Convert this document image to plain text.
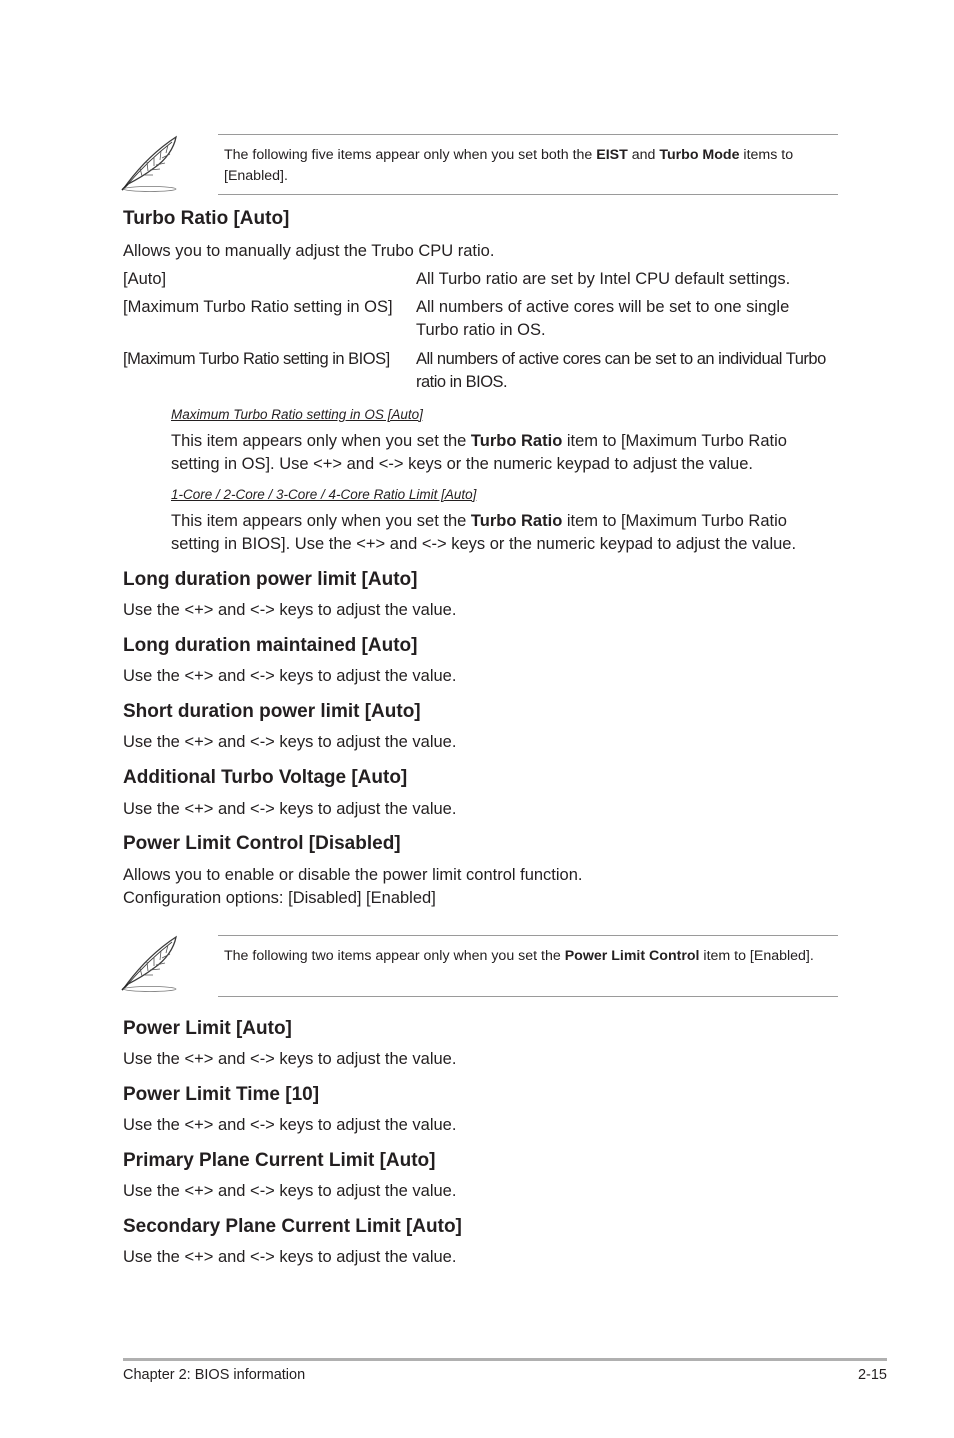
The following five items appear only when you set both the EIST and Turbo Mode items to [Enabled].
Turbo Ratio [Auto]
Allows you to manually adjust the Trubo CPU ratio.
[Auto]	All Turbo ratio are set by Intel CPU default settings.
[Maximum Turbo Ratio setting in OS] All numbers of active cores will be set to one single Turbo ratio in OS.
[Maximum Turbo Ratio setting in BIOS] All numbers of active cores can be set to an individual Turbo ratio in BIOS.
Maximum Turbo Ratio setting in OS [Auto]
This item appears only when you set the Turbo Ratio item to [Maximum Turbo Ratio setting in OS]. Use <+> and <-> keys or the numeric keypad to adjust the value.
1-Core / 2-Core / 3-Core / 4-Core Ratio Limit [Auto]
This item appears only when you set the Turbo Ratio item to [Maximum Turbo Ratio setting in BIOS]. Use the <+> and <-> keys or the numeric keypad to adjust the value.
Long duration power limit [Auto]
Use the <+> and <-> keys to adjust the value.
Long duration maintained [Auto]
Use the <+> and <-> keys to adjust the value.
Short duration power limit [Auto]
Use the <+> and <-> keys to adjust the value.
Additional Turbo Voltage [Auto]
Use the <+> and <-> keys to adjust the value.
Power Limit Control [Disabled]
Allows you to enable or disable the power limit control function.
Configuration options: [Disabled] [Enabled]
The following two items appear only when you set the Power Limit Control item to [Enabled].
Power Limit [Auto]
Use the <+> and <-> keys to adjust the value.
Power Limit Time [10]
Use the <+> and <-> keys to adjust the value.
Primary Plane Current Limit [Auto]
Use the <+> and <-> keys to adjust the value.
Secondary Plane Current Limit [Auto]
Use the <+> and <-> keys to adjust the value.
Chapter 2: BIOS information	2-15
